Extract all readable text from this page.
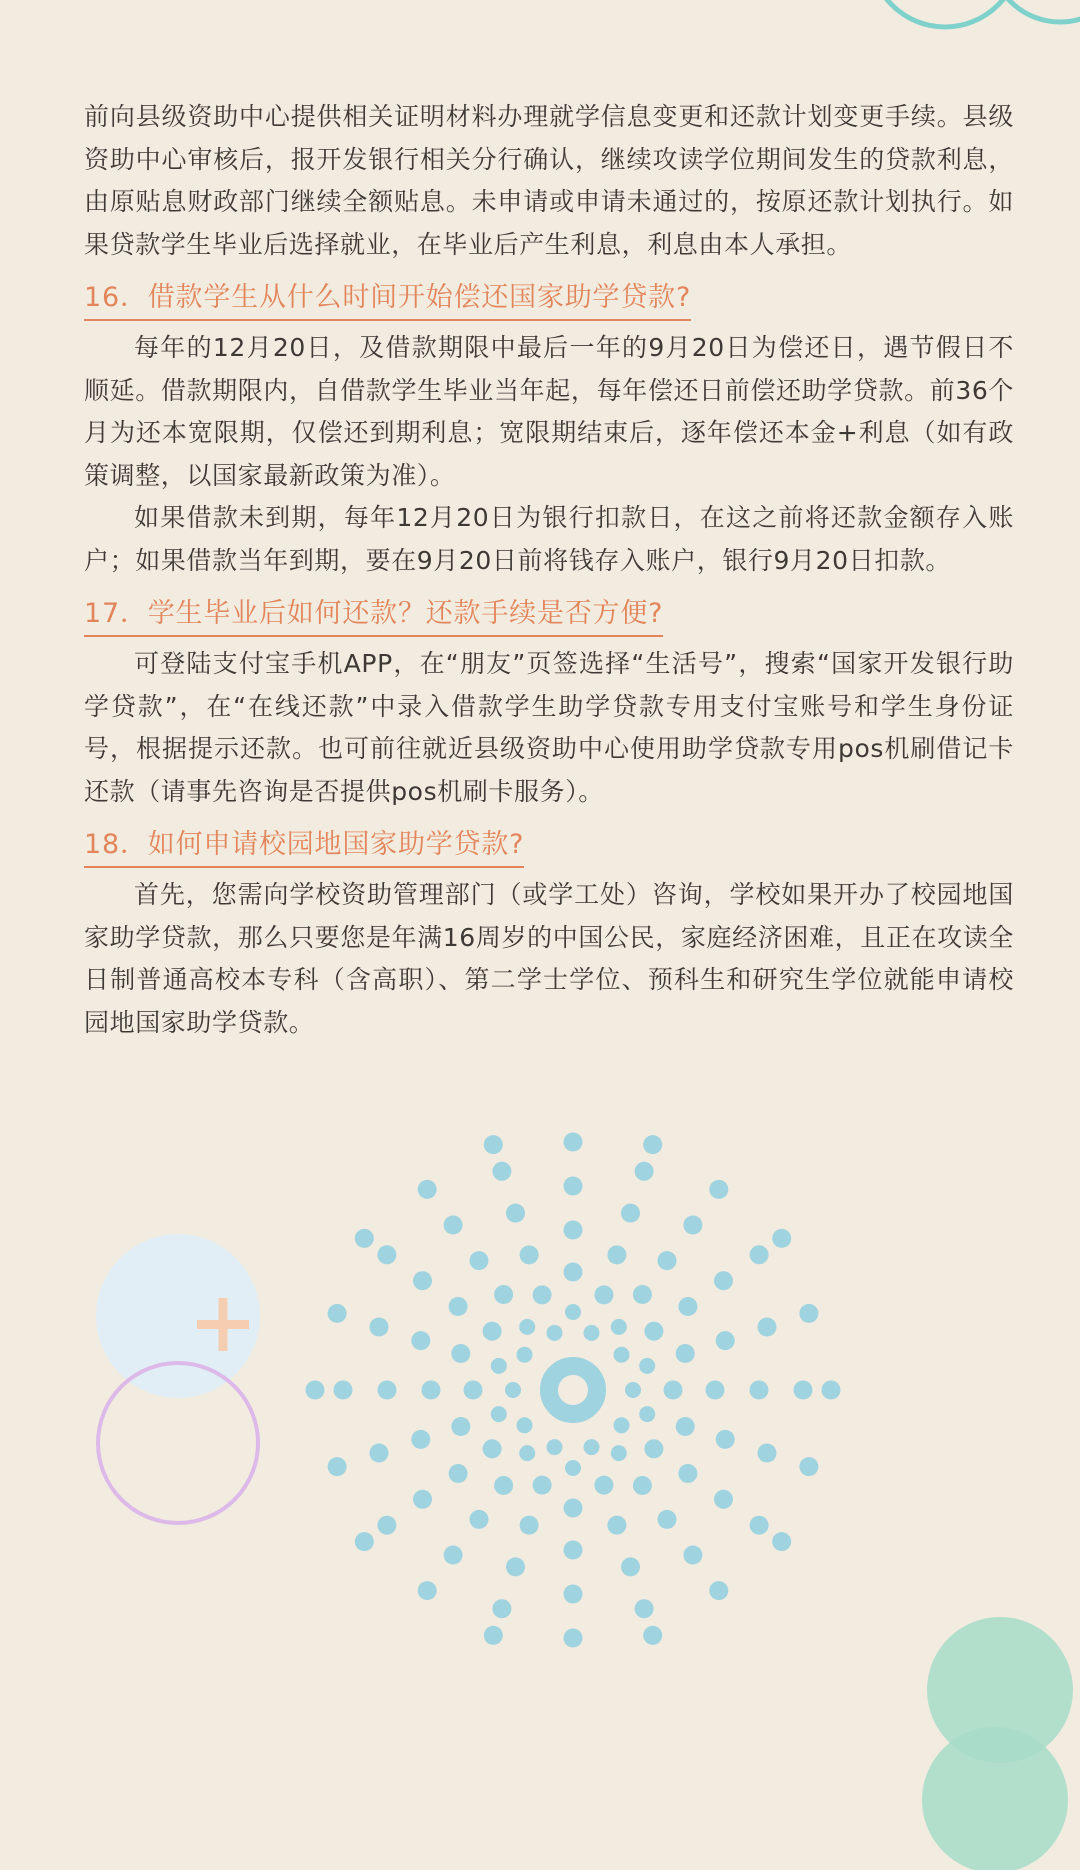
前向县级资助中心提供相关证明材料办理就学信息变更和还款计划变更手续。县级资助中心审核后，报开发银行相关分行确认，继续攻读学位期间发生的贷款利息，由原贴息财政部门继续全额贴息。未申请或申请未通过的，按原还款计划执行。如果贷款学生毕业后选择就业，在毕业后产生利息，利息由本人承担。

16．借款学生从什么时间开始偿还国家助学贷款?

每年的12月20日，及借款期限中最后一年的9月20日为偿还日，遇节假日不顺延。借款期限内，自借款学生毕业当年起，每年偿还日前偿还助学贷款。前36个月为还本宽限期，仅偿还到期利息；宽限期结束后，逐年偿还本金+利息（如有政策调整，以国家最新政策为准）。

如果借款未到期，每年12月20日为银行扣款日，在这之前将还款金额存入账户；如果借款当年到期，要在9月20日前将钱存入账户，银行9月20日扣款。

17．学生毕业后如何还款？还款手续是否方便?

可登陆支付宝手机APP，在“朋友”页签选择“生活号”，搜索“国家开发银行助学贷款”，在“在线还款”中录入借款学生助学贷款专用支付宝账号和学生身份证号，根据提示还款。也可前往就近县级资助中心使用助学贷款专用pos机刷借记卡还款（请事先咨询是否提供pos机刷卡服务）。

18．如何申请校园地国家助学贷款?

首先，您需向学校资助管理部门（或学工处）咨询，学校如果开办了校园地国家助学贷款，那么只要您是年满16周岁的中国公民，家庭经济困难，且正在攻读全日制普通高校本专科（含高职）、第二学士学位、预科生和研究生学位就能申请校园地国家助学贷款。
